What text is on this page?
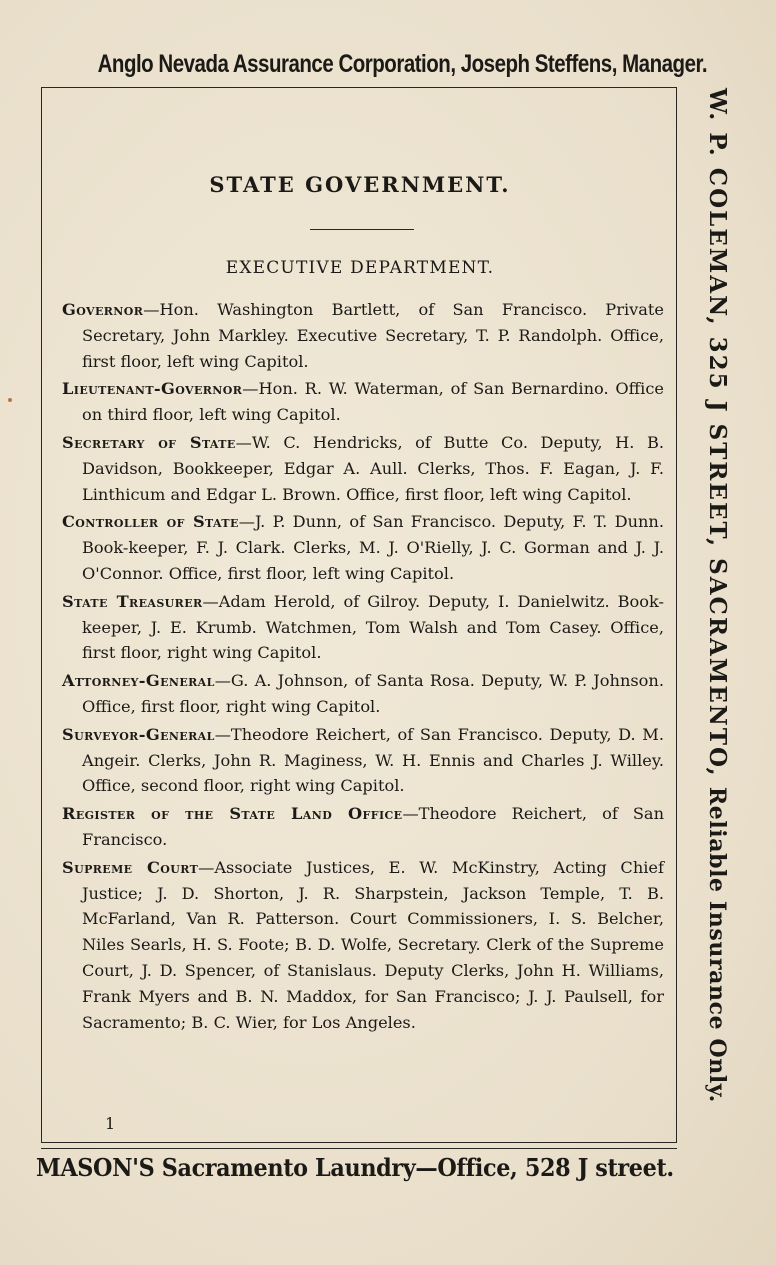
Anglo Nevada Assurance Corporation, Joseph Steffens, Manager.
W. P. COLEMAN, 325 J STREET, SACRAMENTO, Reliable Insurance Only.
STATE GOVERNMENT.
EXECUTIVE DEPARTMENT.

Governor—Hon. Washington Bartlett, of San Francisco. Private Secretary, John Markley. Executive Secretary, T. P. Randolph. Office, first floor, left wing Capitol.

Lieutenant-Governor—Hon. R. W. Waterman, of San Bernardino. Office on third floor, left wing Capitol.

Secretary of State—W. C. Hendricks, of Butte Co. Deputy, H. B. Davidson, Bookkeeper, Edgar A. Aull. Clerks, Thos. F. Eagan, J. F. Linthicum and Edgar L. Brown. Office, first floor, left wing Capitol.

Controller of State—J. P. Dunn, of San Francisco. Deputy, F. T. Dunn. Book-keeper, F. J. Clark. Clerks, M. J. O'Rielly, J. C. Gorman and J. J. O'Connor. Office, first floor, left wing Capitol.

State Treasurer—Adam Herold, of Gilroy. Deputy, I. Danielwitz. Book-keeper, J. E. Krumb. Watchmen, Tom Walsh and Tom Casey. Office, first floor, right wing Capitol.

Attorney-General—G. A. Johnson, of Santa Rosa. Deputy, W. P. Johnson. Office, first floor, right wing Capitol.

Surveyor-General—Theodore Reichert, of San Francisco. Deputy, D. M. Angeir. Clerks, John R. Maginess, W. H. Ennis and Charles J. Willey. Office, second floor, right wing Capitol.

Register of the State Land Office—Theodore Reichert, of San Francisco.

Supreme Court—Associate Justices, E. W. McKinstry, Acting Chief Justice; J. D. Shorton, J. R. Sharpstein, Jackson Temple, T. B. McFarland, Van R. Patterson. Court Commissioners, I. S. Belcher, Niles Searls, H. S. Foote; B. D. Wolfe, Secretary. Clerk of the Supreme Court, J. D. Spencer, of Stanislaus. Deputy Clerks, John H. Williams, Frank Myers and B. N. Maddox, for San Francisco; J. J. Paulsell, for Sacramento; B. C. Wier, for Los Angeles.

1
MASON'S Sacramento Laundry—Office, 528 J street.
